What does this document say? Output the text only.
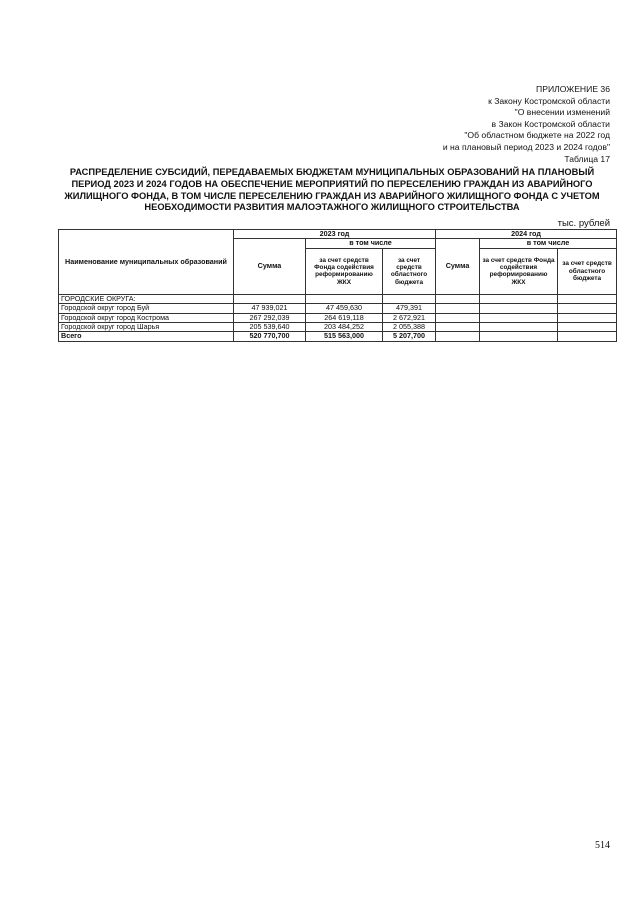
ПРИЛОЖЕНИЕ 36
к Закону Костромской области
"О внесении изменений
в Закон Костромской области
"Об областном бюджете на 2022 год
и на плановый период 2023 и 2024 годов"
Таблица 17
РАСПРЕДЕЛЕНИЕ СУБСИДИЙ, ПЕРЕДАВАЕМЫХ БЮДЖЕТАМ МУНИЦИПАЛЬНЫХ ОБРАЗОВАНИЙ НА ПЛАНОВЫЙ ПЕРИОД 2023 И 2024 ГОДОВ НА ОБЕСПЕЧЕНИЕ МЕРОПРИЯТИЙ ПО ПЕРЕСЕЛЕНИЮ ГРАЖДАН ИЗ АВАРИЙНОГО ЖИЛИЩНОГО ФОНДА, В ТОМ ЧИСЛЕ ПЕРЕСЕЛЕНИЮ ГРАЖДАН ИЗ АВАРИЙНОГО ЖИЛИЩНОГО ФОНДА С УЧЕТОМ НЕОБХОДИМОСТИ РАЗВИТИЯ МАЛОЭТАЖНОГО ЖИЛИЩНОГО СТРОИТЕЛЬСТВА
тыс. рублей
Наименование муниципальных образований	2023 год			2024 год		
	Сумма	в том числе		Сумма	в том числе	
		за счет средств Фонда содействия реформированию ЖКХ	за счет средств областного бюджета		за счет средств Фонда содействия реформированию ЖКХ	за счет средств областного бюджета
ГОРОДСКИЕ ОКРУГА:						
Городской округ город Буй	47 939,021	47 459,630	479,391			
Городской округ город Кострома	267 292,039	264 619,118	2 672,921			
Городской округ город Шарья	205 539,640	203 484,252	2 055,388			
Всего	520 770,700	515 563,000	5 207,700			
514
